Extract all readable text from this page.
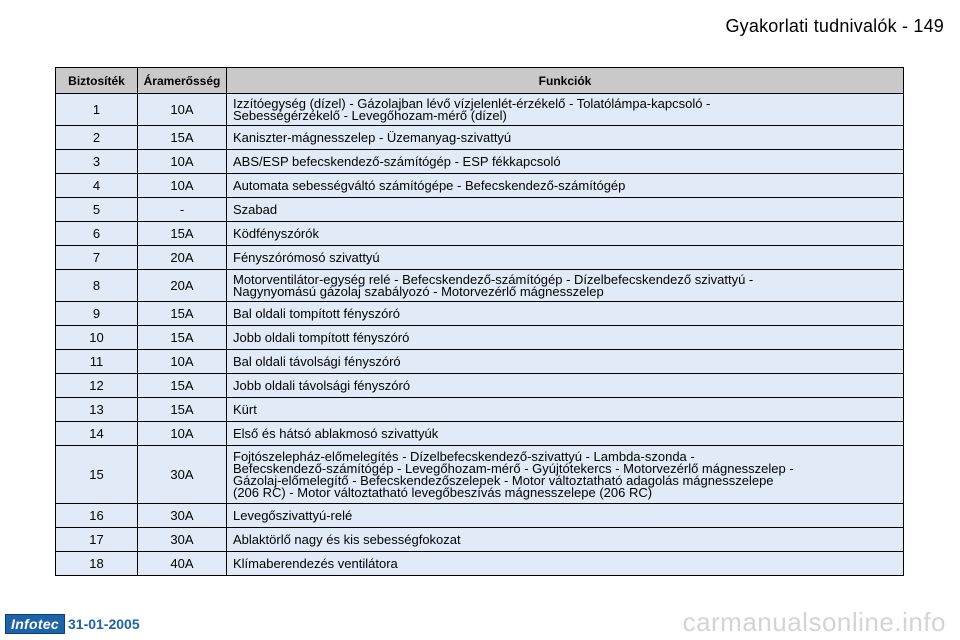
Gyakorlati tudnivalók - 149
Biztosíték	Áramerősség	Funkciók
1	10A	Izzítóegység (dízel) - Gázolajban lévő vízjelenlét-érzékelő - Tolatólámpa-kapcsoló -
Sebességérzékelő - Levegőhozam-mérő (dízel)

2	15A	Kaniszter-mágnesszelep - Üzemanyag-szivattyú

3	10A	ABS/ESP befecskendező-számítógép - ESP fékkapcsoló

4	10A	Automata sebességváltó számítógépe - Befecskendező-számítógép

5	-	Szabad

6	15A	Ködfényszórók

7	20A	Fényszórómosó szivattyú

8	20A	Motorventilátor-egység relé - Befecskendező-számítógép - Dízelbefecskendező szivattyú -
Nagynyomású gázolaj szabályozó - Motorvezérlő mágnesszelep

9	15A	Bal oldali tompított fényszóró

10	15A	Jobb oldali tompított fényszóró

11	10A	Bal oldali távolsági fényszóró

12	15A	Jobb oldali távolsági fényszóró

13	15A	Kürt

14	10A	Első és hátsó ablakmosó szivattyúk

15	30A	Fojtószelepház-előmelegítés - Dízelbefecskendező-szivattyú - Lambda-szonda -
Befecskendező-számítógép - Levegőhozam-mérő - Gyújtótekercs - Motorvezérlő mágnesszelep -
Gázolaj-előmelegítő - Befecskendezőszelepek - Motor változtatható adagolás mágnesszelepe
(206 RC) - Motor változtatható levegőbeszívás mágnesszelepe (206 RC)

16	30A	Levegőszivattyú-relé

17	30A	Ablaktörlő nagy és kis sebességfokozat

18	40A	Klímaberendezés ventilátora
Infotec 31-01-2005	carmanualsonline.info
